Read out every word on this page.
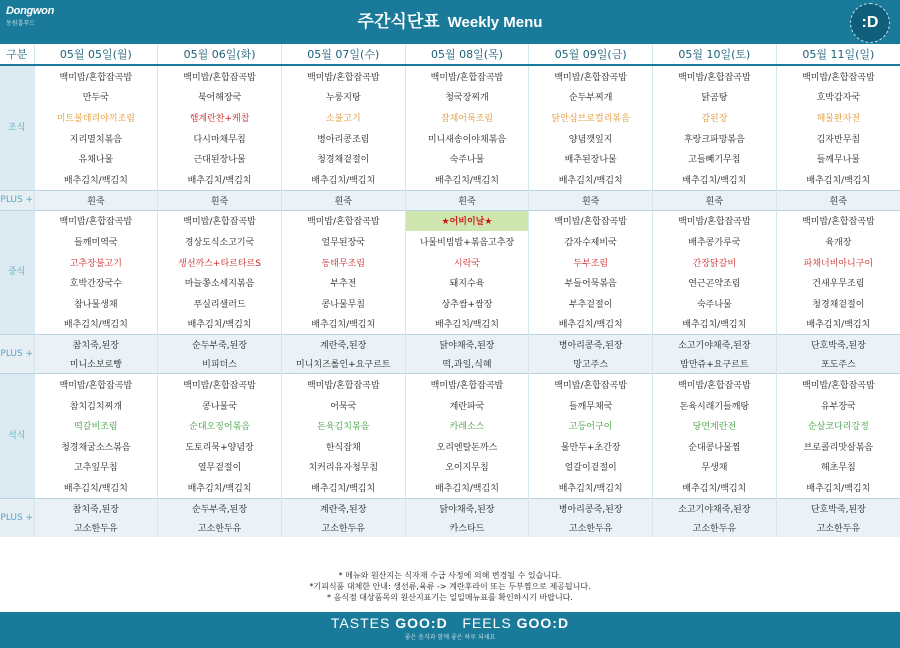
Dongwon
동원홈푸드	주간식단표 Weekly Menu	:D
구분	05월 05일(월)	05월 06일(화)	05월 07일(수)	05월 08일(목)	05월 09일(금)	05월 10일(토)	05월 11일(일)
조식	백미밥/혼합잡곡밥	백미밥/혼합잡곡밥	백미밥/혼합잡곡밥	백미밥/혼합잡곡밥	백미밥/혼합잡곡밥	백미밥/혼합잡곡밥	백미밥/혼합잡곡밥
	만두국	북어해장국	누룽지탕	청국장찌개	순두부찌개	닭곰탕	호박감자국
	미트볼데리야끼조림	햄계란찬+케찹	소불고기	잡채어묵조림	닭안심브로컬리볶음	감된장	해물완자전
	지리멸치볶음	다시마채무침	병아리콩조림	미니새송이야채볶음	양념깻잎지	후랑크파망볶음	김자반무침
	유채나물	근대된장나물	청경채겉절이	숙주나물	배추된장나물	고들빼기무침	들깨무나물
	배추김치/백김치	배추김치/백김치	배추김치/백김치	배추김치/백김치	배추김치/백김치	배추김치/백김치	배추김치/백김치
PLUS +	흰죽	흰죽	흰죽	흰죽	흰죽	흰죽	흰죽
중식	백미밥/혼합잡곡밥	백미밥/혼합잡곡밥	백미밥/혼합잡곡밥	★어비이날★	백미밥/혼합잡곡밥	백미밥/혼합잡곡밥	백미밥/혼합잡곡밥
	들깨미역국	경상도식소고기국	얼무된장국	나물비빔밥+볶음고추장	감자수제비국	배추콩가루국	육개장
	고추장불고기	생선까스+타르타르S	동태무조림	시락국	두부조림	간장닭갈비	파채너비아니구이
	호박간장국수	마늘쫑소세지볶음	부추전	돼지수육	부들어묵볶음	연근곤약조림	건새우무조림
	참나물생채	푸실리샐러드	콩나물무침	상추쌈+쌈장	부추겉절이	숙주나물	청경채겉절이
	배추김치/백김치	배추김치/백김치	배추김치/백김치	배추김치/백김치	배추김치/백김치	배추김치/백김치	배추김치/백김치
PLUS +	참치죽,된장	순두부죽,된장	계란죽,된장	닭야채죽,된장	병아리콩죽,된장	소고기야채죽,된장	단호박죽,된장
	미니소보로빵	비피더스	미니치즈롤인+요구르트	떡,과일,식혜	망고주스	밤만쥬+요구르트	포도주스
석식	백미밥/혼합잡곡밥	백미밥/혼합잡곡밥	백미밥/혼합잡곡밥	백미밥/혼합잡곡밥	백미밥/혼합잡곡밥	백미밥/혼합잡곡밥	백미밥/혼합잡곡밥
	참치김치찌개	콩나물국	어묵국	계란파국	들깨무채국	돈육시래기들깨탕	유부장국
	떡갈비조림	순대오징어볶음	돈육김치볶음	카레소스	고등어구이	당면계란전	순살코다리강정
	청경채굴소스볶음	도토리묵+양념장	한식잡채	오리엔탈돈까스	물만두+초간장	순대콩나물찜	브로콜리맛살볶음
	고추잎무침	열무겉절이	치커리유자청무침	오이지무침	얼갈이겉절이	무생채	해초무침
	배추김치/백김치	배추김치/백김치	배추김치/백김치	배추김치/백김치	배추김치/백김치	배추김치/백김치	배추김치/백김치
PLUS +	참치죽,된장	순두부죽,된장	계란죽,된장	닭야채죽,된장	병아리콩죽,된장	소고기야채죽,된장	단호박죽,된장
	고소한두유	고소한두유	고소한두유	카스타드	고소한두유	고소한두유	고소한두유
* 메뉴와 원산지는 식자재 수급 사정에 의해 변경될 수 있습니다.
*기피식품 대체한 안내: 생선류,육류 -> 계란후라이 또는 두부찜으로 제공됩니다.
* 음식점 대상품목의 원산지표기는 일일메뉴표를 확인하시기 바랍니다.
TASTES GOO:D FEELS GOO:D
좋은 음식과 함께 좋은 하루 되세요
